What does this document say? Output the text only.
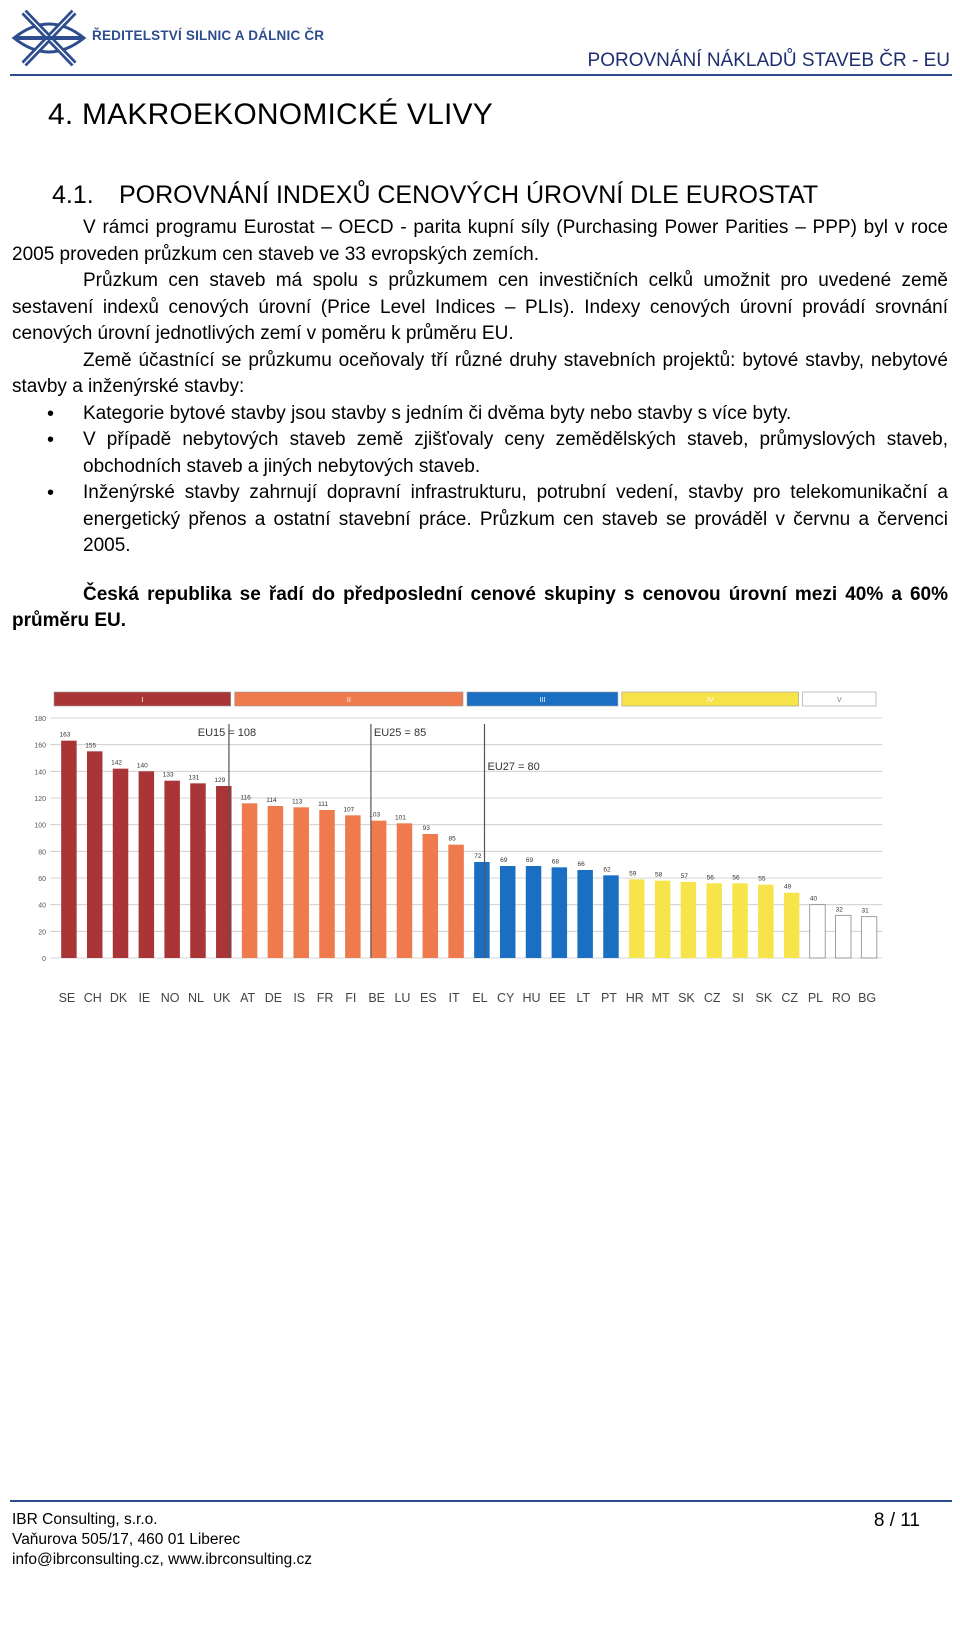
ŘEDITELSTVÍ SILNIC A DÁLNIC ČR
POROVNÁNÍ NÁKLADŮ STAVEB ČR - EU
4. MAKROEKONOMICKÉ VLIVY
4.1. POROVNÁNÍ INDEXŮ CENOVÝCH ÚROVNÍ DLE EUROSTAT

V rámci programu Eurostat – OECD - parita kupní síly (Purchasing Power Parities – PPP) byl v roce 2005 proveden průzkum cen staveb ve 33 evropských zemích.

Průzkum cen staveb má spolu s průzkumem cen investičních celků umožnit pro uvedené země sestavení indexů cenových úrovní (Price Level Indices – PLIs). Indexy cenových úrovní provádí srovnání cenových úrovní jednotlivých zemí v poměru k průměru EU.

Země účastnící se průzkumu oceňovaly tří různé druhy stavebních projektů: bytové stavby, nebytové stavby a inženýrské stavby:

• Kategorie bytové stavby jsou stavby s jedním či dvěma byty nebo stavby s více byty.
• V případě nebytových staveb země zjišťovaly ceny zemědělských staveb, průmyslových staveb, obchodních staveb a jiných nebytových staveb.
• Inženýrské stavby zahrnují dopravní infrastrukturu, potrubní vedení, stavby pro telekomunikační a energetický přenos a ostatní stavební práce. Průzkum cen staveb se prováděl v červnu a červenci 2005.

Česká republika se řadí do předposlední cenové skupiny s cenovou úrovní mezi 40% a 60% průměru EU.

0
20
40
60
80
100
120
140
160
180
I	II	III	IV	V
163
155
142 140
133 131 129
116 114 113 111
107
103 101
93
85
72
69	69	68	66
62
59	58	57	56	56	55
49
40
32	31
SE CH DK IE NO NL UK AT DE IS FR FI BE LU ES IT EL CY HU EE LT PT HR MT SK CZ SI SK CZ PL RO BG
EU15 = 108	EU25 = 85
EU27 = 80
IBR Consulting, s.r.o.
Vaňurova 505/17, 460 01 Liberec
info@ibrconsulting.cz, www.ibrconsulting.cz
8 / 11
